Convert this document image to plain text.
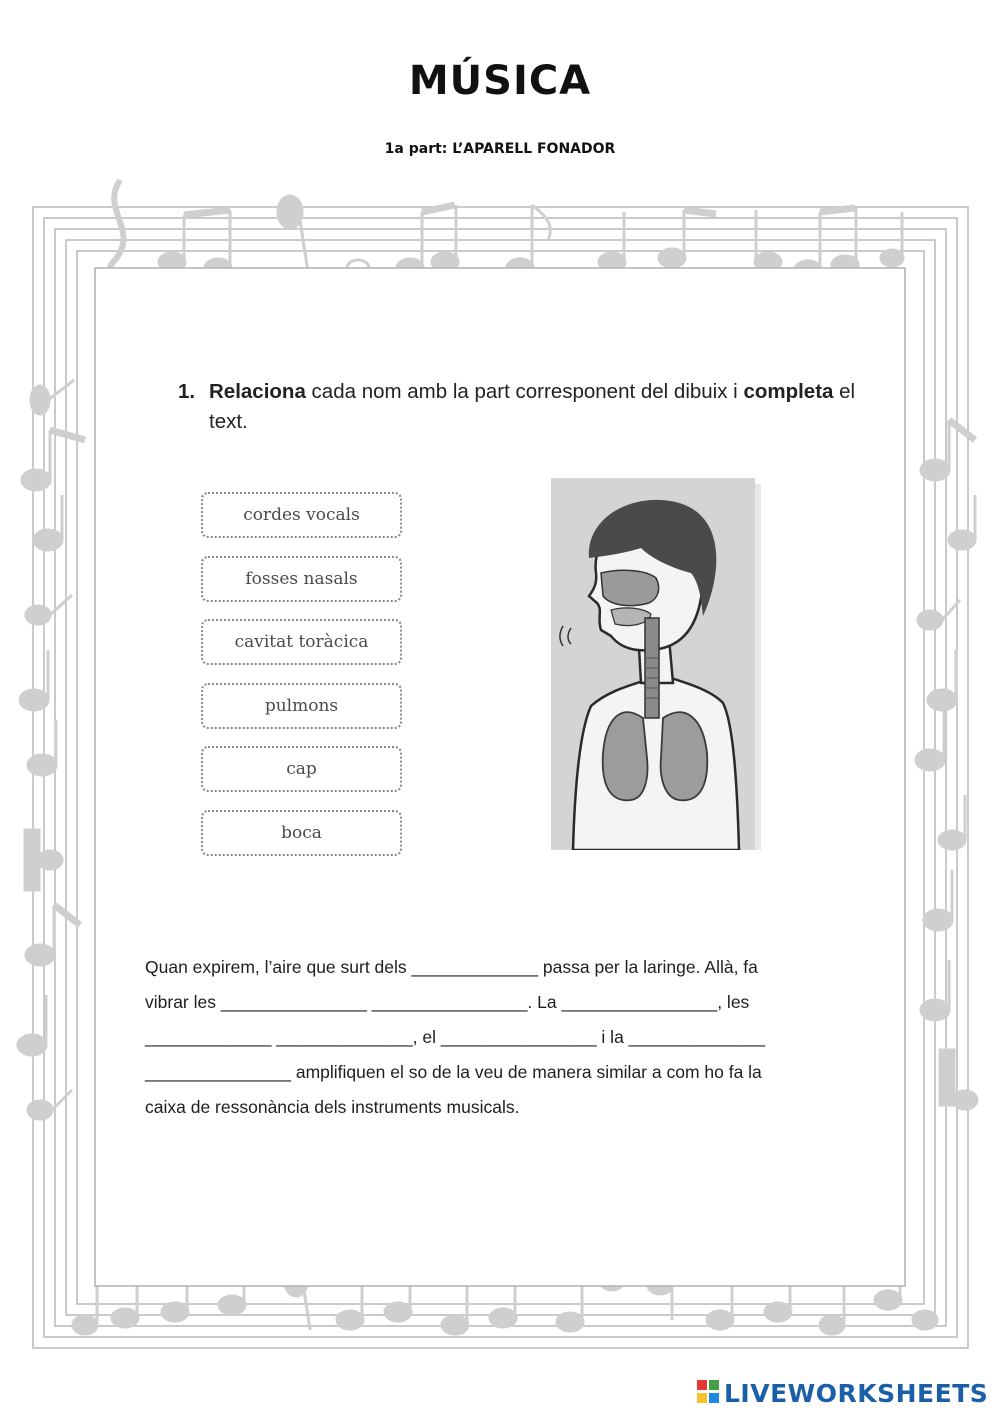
MÚSICA
1a part: L’APARELL FONADOR
1. Relaciona cada nom amb la part corresponent del dibuix i completa el text.
cordes vocals
fosses nasals
cavitat toràcica
pulmons
cap
boca

Quan expirem, l’aire que surt dels _____________ passa per la laringe. Allà, fa

vibrar les _______________ ________________. La ________________, les

_____________ ______________, el ________________ i la ______________

_______________ amplifiquen el so de la veu de manera similar a com ho fa la

caixa de ressonància dels instruments musicals.

LIVEWORKSHEETS
